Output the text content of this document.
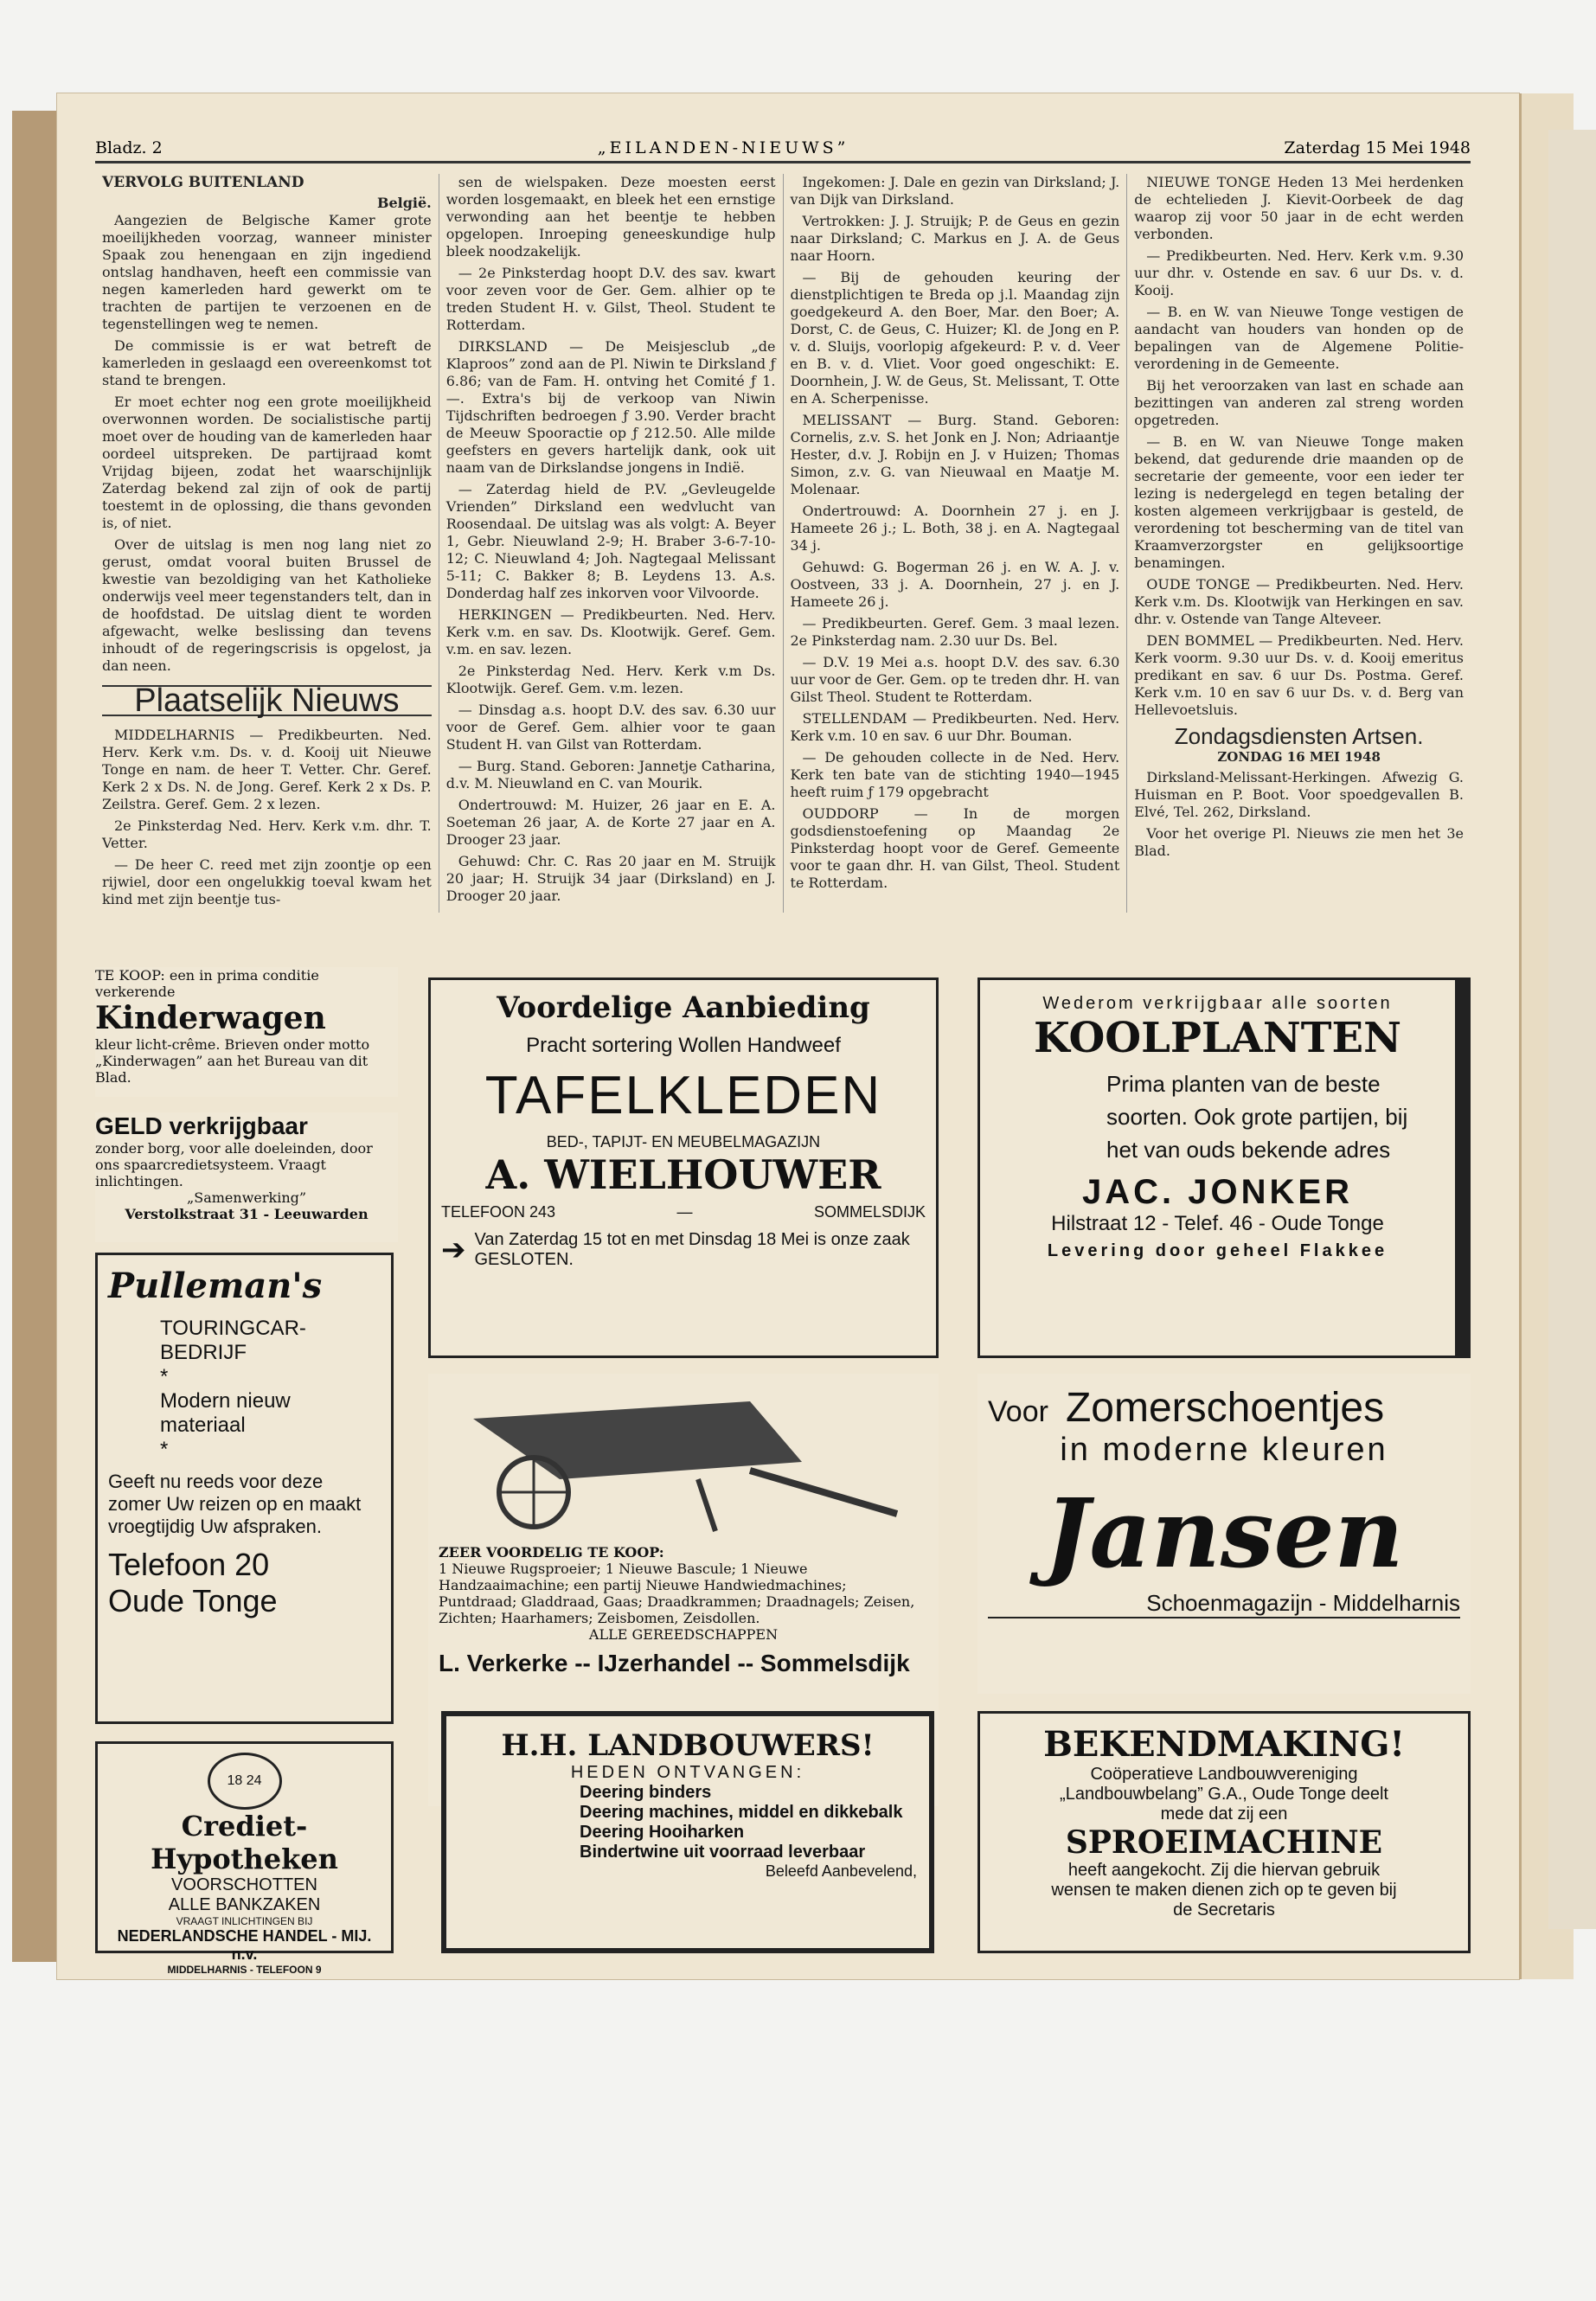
Bladz. 2	„EILANDEN-NIEUWS”	Zaterdag 15 Mei 1948
VERVOLG BUITENLAND
België.

Aangezien de Belgische Kamer grote moeilijkheden voorzag, wanneer minister Spaak zou henengaan en zijn ingediend ontslag handhaven, heeft een commissie van negen kamerleden hard gewerkt om te trachten de partijen te verzoenen en de tegenstellingen weg te nemen.

De commissie is er wat betreft de kamerleden in geslaagd een overeenkomst tot stand te brengen.

Er moet echter nog een grote moeilijkheid overwonnen worden. De socialistische partij moet over de houding van de kamerleden haar oordeel uitspreken. De partijraad komt Vrijdag bijeen, zodat het waarschijnlijk Zaterdag bekend zal zijn of ook de partij toestemt in de oplossing, die thans gevonden is, of niet.

Over de uitslag is men nog lang niet zo gerust, omdat vooral buiten Brussel de kwestie van bezoldiging van het Katholieke onderwijs veel meer tegenstanders telt, dan in de hoofdstad. De uitslag dient te worden afgewacht, welke beslissing dan tevens inhoudt of de regeringscrisis is opgelost, ja dan neen.

Plaatselijk Nieuws

MIDDELHARNIS — Predikbeurten. Ned. Herv. Kerk v.m. Ds. v. d. Kooij uit Nieuwe Tonge en nam. de heer T. Vetter. Chr. Geref. Kerk 2 x Ds. N. de Jong. Geref. Kerk 2 x Ds. P. Zeilstra. Geref. Gem. 2 x lezen.

2e Pinksterdag Ned. Herv. Kerk v.m. dhr. T. Vetter.

— De heer C. reed met zijn zoontje op een rijwiel, door een ongelukkig toeval kwam het kind met zijn beentje tus-

sen de wielspaken. Deze moesten eerst worden losgemaakt, en bleek het een ernstige verwonding aan het beentje te hebben opgelopen. Inroeping geneeskundige hulp bleek noodzakelijk.

— 2e Pinksterdag hoopt D.V. des sav. kwart voor zeven voor de Ger. Gem. alhier op te treden Student H. v. Gilst, Theol. Student te Rotterdam.

DIRKSLAND — De Meisjesclub „de Klaproos” zond aan de Pl. Niwin te Dirksland ƒ 6.86; van de Fam. H. ontving het Comité ƒ 1.—. Extra's bij de verkoop van Niwin Tijdschriften bedroegen ƒ 3.90. Verder bracht de Meeuw Spooractie op ƒ 212.50. Alle milde geefsters en gevers hartelijk dank, ook uit naam van de Dirkslandse jongens in Indië.

— Zaterdag hield de P.V. „Gevleugelde Vrienden” Dirksland een wedvlucht van Roosendaal. De uitslag was als volgt: A. Beyer 1, Gebr. Nieuwland 2-9; H. Braber 3-6-7-10-12; C. Nieuwland 4; Joh. Nagtegaal Melissant 5-11; C. Bakker 8; B. Leydens 13. A.s. Donderdag half zes inkorven voor Vilvoorde.

HERKINGEN — Predikbeurten. Ned. Herv. Kerk v.m. en sav. Ds. Klootwijk. Geref. Gem. v.m. en sav. lezen.

2e Pinksterdag Ned. Herv. Kerk v.m Ds. Klootwijk. Geref. Gem. v.m. lezen.

— Dinsdag a.s. hoopt D.V. des sav. 6.30 uur voor de Geref. Gem. alhier voor te gaan Student H. van Gilst van Rotterdam.

— Burg. Stand. Geboren: Jannetje Catharina, d.v. M. Nieuwland en C. van Mourik.

Ondertrouwd: M. Huizer, 26 jaar en E. A. Soeteman 26 jaar, A. de Korte 27 jaar en A. Drooger 23 jaar.

Gehuwd: Chr. C. Ras 20 jaar en M. Struijk 20 jaar; H. Struijk 34 jaar (Dirksland) en J. Drooger 20 jaar.

Ingekomen: J. Dale en gezin van Dirksland; J. van Dijk van Dirksland.

Vertrokken: J. J. Struijk; P. de Geus en gezin naar Dirksland; C. Markus en J. A. de Geus naar Hoorn.

— Bij de gehouden keuring der dienstplichtigen te Breda op j.l. Maandag zijn goedgekeurd A. den Boer, Mar. den Boer; A. Dorst, C. de Geus, C. Huizer; Kl. de Jong en P. v. d. Sluijs, voorlopig afgekeurd: P. v. d. Veer en B. v. d. Vliet. Voor goed ongeschikt: E. Doornhein, J. W. de Geus, St. Melissant, T. Otte en A. Scherpenisse.

MELISSANT — Burg. Stand. Geboren: Cornelis, z.v. S. het Jonk en J. Non; Adriaantje Hester, d.v. J. Robijn en J. v Huizen; Thomas Simon, z.v. G. van Nieuwaal en Maatje M. Molenaar.

Ondertrouwd: A. Doornhein 27 j. en J. Hameete 26 j.; L. Both, 38 j. en A. Nagtegaal 34 j.

Gehuwd: G. Bogerman 26 j. en W. A. J. v. Oostveen, 33 j. A. Doornhein, 27 j. en J. Hameete 26 j.

— Predikbeurten. Geref. Gem. 3 maal lezen. 2e Pinksterdag nam. 2.30 uur Ds. Bel.

— D.V. 19 Mei a.s. hoopt D.V. des sav. 6.30 uur voor de Ger. Gem. op te treden dhr. H. van Gilst Theol. Student te Rotterdam.

STELLENDAM — Predikbeurten. Ned. Herv. Kerk v.m. 10 en sav. 6 uur Dhr. Bouman.

— De gehouden collecte in de Ned. Herv. Kerk ten bate van de stichting 1940—1945 heeft ruim ƒ 179 opgebracht

OUDDORP — In de morgen godsdienstoefening op Maandag 2e Pinksterdag hoopt voor de Geref. Gemeente voor te gaan dhr. H. van Gilst, Theol. Student te Rotterdam.

NIEUWE TONGE Heden 13 Mei herdenken de echtelieden J. Kievit-Oorbeek de dag waarop zij voor 50 jaar in de echt werden verbonden.

— Predikbeurten. Ned. Herv. Kerk v.m. 9.30 uur dhr. v. Ostende en sav. 6 uur Ds. v. d. Kooij.

— B. en W. van Nieuwe Tonge vestigen de aandacht van houders van honden op de bepalingen van de Algemene Politie-verordening in de Gemeente.

Bij het veroorzaken van last en schade aan bezittingen van anderen zal streng worden opgetreden.

— B. en W. van Nieuwe Tonge maken bekend, dat gedurende drie maanden op de secretarie der gemeente, voor een ieder ter lezing is nedergelegd en tegen betaling der kosten algemeen verkrijgbaar is gesteld, de verordening tot bescherming van de titel van Kraamverzorgster en gelijksoortige benamingen.

OUDE TONGE — Predikbeurten. Ned. Herv. Kerk v.m. Ds. Klootwijk van Herkingen en sav. dhr. v. Ostende van Tange Alteveer.

DEN BOMMEL — Predikbeurten. Ned. Herv. Kerk voorm. 9.30 uur Ds. v. d. Kooij emeritus predikant en sav. 6 uur Ds. Postma. Geref. Kerk v.m. 10 en sav 6 uur Ds. v. d. Berg van Hellevoetsluis.

Zondagsdiensten Artsen.
ZONDAG 16 MEI 1948

Dirksland-Melissant-Herkingen. Afwezig G. Huisman en P. Boot. Voor spoedgevallen B. Elvé, Tel. 262, Dirksland.

Voor het overige Pl. Nieuws zie men het 3e Blad.

TE KOOP: een in prima conditie verkerende
Kinderwagen
kleur licht-crême. Brieven onder motto „Kinderwagen” aan het Bureau van dit Blad.
GELD verkrijgbaar
zonder borg, voor alle doeleinden, door ons spaarcredietsysteem. Vraagt inlichtingen.
„Samenwerking”
Verstolkstraat 31 - Leeuwarden
Pulleman's
TOURINGCAR-BEDRIJF
*
Modern nieuw materiaal
*
Geeft nu reeds voor deze zomer Uw reizen op en maakt vroegtijdig Uw afspraken.
Telefoon 20
Oude Tonge
18 24
Crediet-Hypotheken
VOORSCHOTTEN
ALLE BANKZAKEN
VRAAGT INLICHTINGEN BIJ
NEDERLANDSCHE HANDEL - MIJ. n.v.
MIDDELHARNIS - TELEFOON 9
Voordelige Aanbieding
Pracht sortering Wollen Handweef
TAFELKLEDEN
BED-, TAPIJT- EN MEUBELMAGAZIJN
A. WIELHOUWER
TELEFOON 243	—	SOMMELSDIJK
➔ Van Zaterdag 15 tot en met Dinsdag 18 Mei is onze zaak GESLOTEN.
ZEER VOORDELIG TE KOOP:
1 Nieuwe Rugsproeier; 1 Nieuwe Bascule; 1 Nieuwe Handzaaimachine; een partij Nieuwe Handwiedmachines; Puntdraad; Gladdraad, Gaas; Draadkrammen; Draadnagels; Zeisen, Zichten; Haarhamers; Zeisbomen, Zeisdollen.
ALLE GEREEDSCHAPPEN
L. Verkerke -- IJzerhandel -- Sommelsdijk
H.H. LANDBOUWERS!
HEDEN ONTVANGEN:
Deering binders
Deering machines, middel en dikkebalk
Deering Hooiharken
Bindertwine uit voorraad leverbaar
Beleefd Aanbevelend,
Wederom verkrijgbaar alle soorten
KOOLPLANTEN
Prima planten van de beste soorten. Ook grote partijen, bij het van ouds bekende adres
JAC. JONKER
Hilstraat 12 - Telef. 46 - Oude Tonge
Levering door geheel Flakkee
Voor Zomerschoentjes
in moderne kleuren
Jansen
Schoenmagazijn - Middelharnis
BEKENDMAKING!
Coöperatieve Landbouwvereniging „Landbouwbelang” G.A., Oude Tonge deelt mede dat zij een
SPROEIMACHINE
heeft aangekocht. Zij die hiervan gebruik wensen te maken dienen zich op te geven bij de Secretaris
